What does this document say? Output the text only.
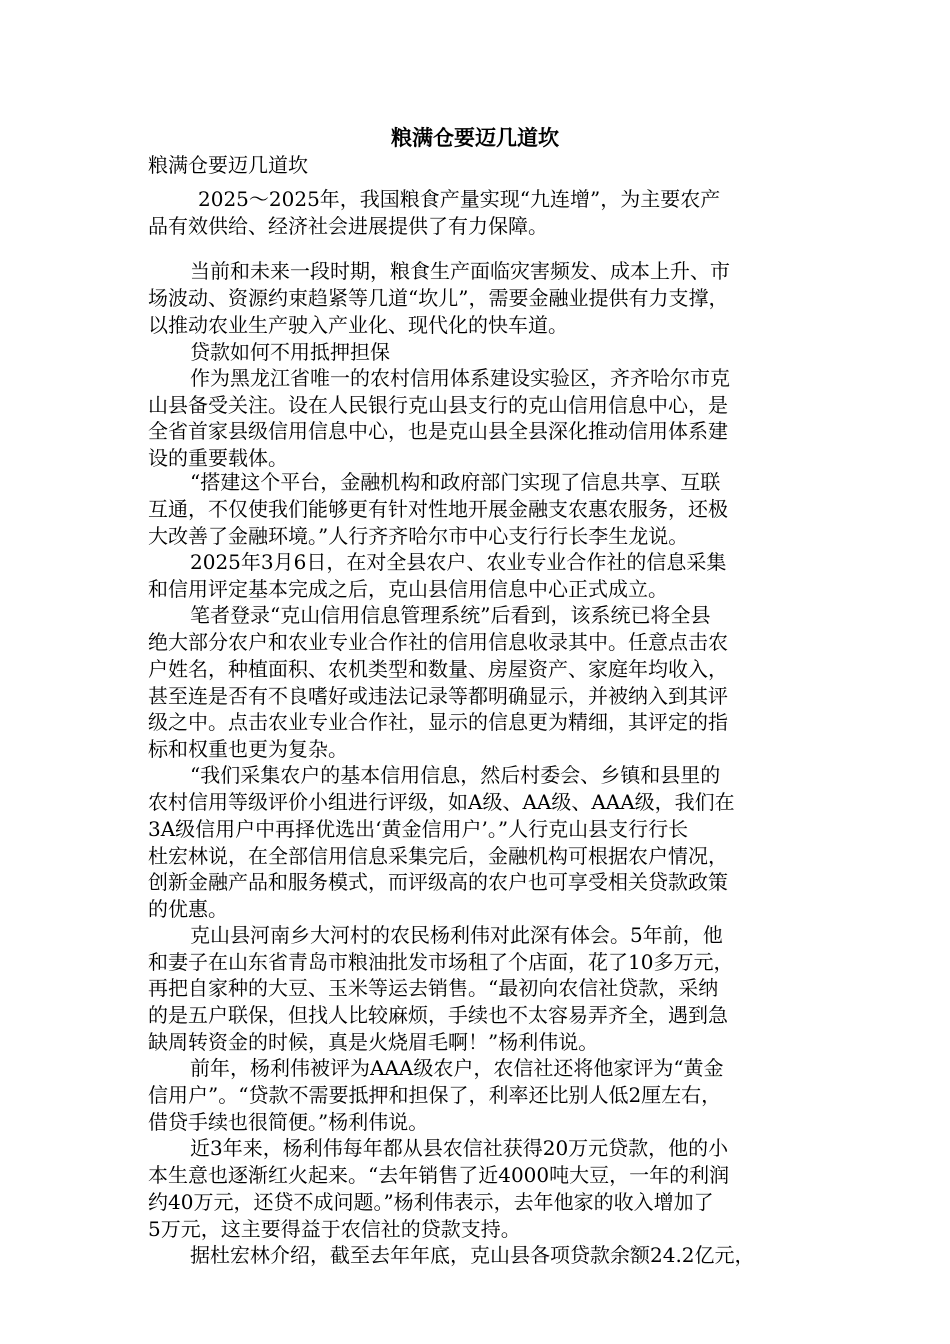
粮满仓要迈几道坎
粮满仓要迈几道坎
2025～2025年，我国粮食产量实现“九连增”，为主要农产
品有效供给、经济社会进展提供了有力保障。
当前和未来一段时期，粮食生产面临灾害频发、成本上升、市
场波动、资源约束趋紧等几道“坎儿”，需要金融业提供有力支撑，
以推动农业生产驶入产业化、现代化的快车道。
贷款如何不用抵押担保
作为黑龙江省唯一的农村信用体系建设实验区，齐齐哈尔市克
山县备受关注。设在人民银行克山县支行的克山信用信息中心，是
全省首家县级信用信息中心，也是克山县全县深化推动信用体系建
设的重要载体。
“搭建这个平台，金融机构和政府部门实现了信息共享、互联
互通，不仅使我们能够更有针对性地开展金融支农惠农服务，还极
大改善了金融环境。”人行齐齐哈尔市中心支行行长李生龙说。
2025年3月6日，在对全县农户、农业专业合作社的信息采集
和信用评定基本完成之后，克山县信用信息中心正式成立。
笔者登录“克山信用信息管理系统”后看到，该系统已将全县
绝大部分农户和农业专业合作社的信用信息收录其中。任意点击农
户姓名，种植面积、农机类型和数量、房屋资产、家庭年均收入，
甚至连是否有不良嗜好或违法记录等都明确显示，并被纳入到其评
级之中。点击农业专业合作社，显示的信息更为精细，其评定的指
标和权重也更为复杂。
“我们采集农户的基本信用信息，然后村委会、乡镇和县里的
农村信用等级评价小组进行评级，如A级、AA级、AAA级，我们在
3A级信用户中再择优选出‘黄金信用户’。”人行克山县支行行长
杜宏林说，在全部信用信息采集完后，金融机构可根据农户情况，
创新金融产品和服务模式，而评级高的农户也可享受相关贷款政策
的优惠。
克山县河南乡大河村的农民杨利伟对此深有体会。5年前，他
和妻子在山东省青岛市粮油批发市场租了个店面，花了10多万元，
再把自家种的大豆、玉米等运去销售。“最初向农信社贷款，采纳
的是五户联保，但找人比较麻烦，手续也不太容易弄齐全，遇到急
缺周转资金的时候，真是火烧眉毛啊！”杨利伟说。
前年，杨利伟被评为AAA级农户，农信社还将他家评为“黄金
信用户”。“贷款不需要抵押和担保了，利率还比别人低2厘左右，
借贷手续也很简便。”杨利伟说。
近3年来，杨利伟每年都从县农信社获得20万元贷款，他的小
本生意也逐渐红火起来。“去年销售了近4000吨大豆，一年的利润
约40万元，还贷不成问题。”杨利伟表示，去年他家的收入增加了
5万元，这主要得益于农信社的贷款支持。
据杜宏林介绍，截至去年年底，克山县各项贷款余额24.2亿元，
